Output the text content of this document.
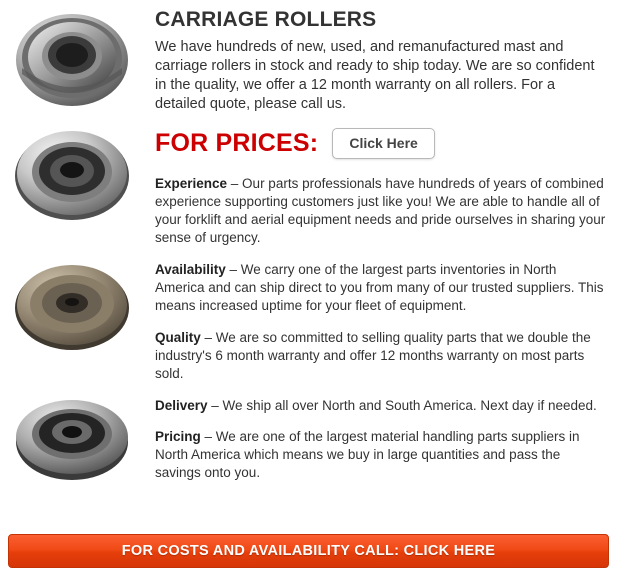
CARRIAGE ROLLERS

We have hundreds of new, used, and remanufactured mast and carriage rollers in stock and ready to ship today. We are so confident in the quality, we offer a 12 month warranty on all rollers. For a detailed quote, please call us.

FOR PRICES:	Click Here

Experience – Our parts professionals have hundreds of years of combined experience supporting customers just like you! We are able to handle all of your forklift and aerial equipment needs and pride ourselves in sharing your sense of urgency.

Availability – We carry one of the largest parts inventories in North America and can ship direct to you from many of our trusted suppliers. This means increased uptime for your fleet of equipment.

Quality – We are so committed to selling quality parts that we double the industry's 6 month warranty and offer 12 months warranty on most parts sold.

Delivery – We ship all over North and South America. Next day if needed.

Pricing – We are one of the largest material handling parts suppliers in North America which means we buy in large quantities and pass the savings onto you.

FOR COSTS AND AVAILABILITY CALL: CLICK HERE
